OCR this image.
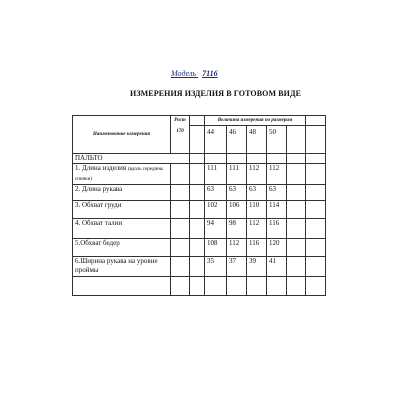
Модель 7116
ИЗМЕРЕНИЯ ИЗДЕЛИЯ В ГОТОВОМ ВИДЕ
Наименование измерения	Рост
170		Величина измерения по размерам					
			44	46	48	50		
ПАЛЬТО								
1. Длина изделия (вдоль середины спинки)			111	111	112	112		
2. Длина рукава			63	63	63	63		
3. Обхват груди			102	106	110	114		
4. Обхват талии			94	98	112	116		
5.Обхват бедер			108	112	116	120		
6.Ширина рукава на уровне проймы			35	37	39	41		
